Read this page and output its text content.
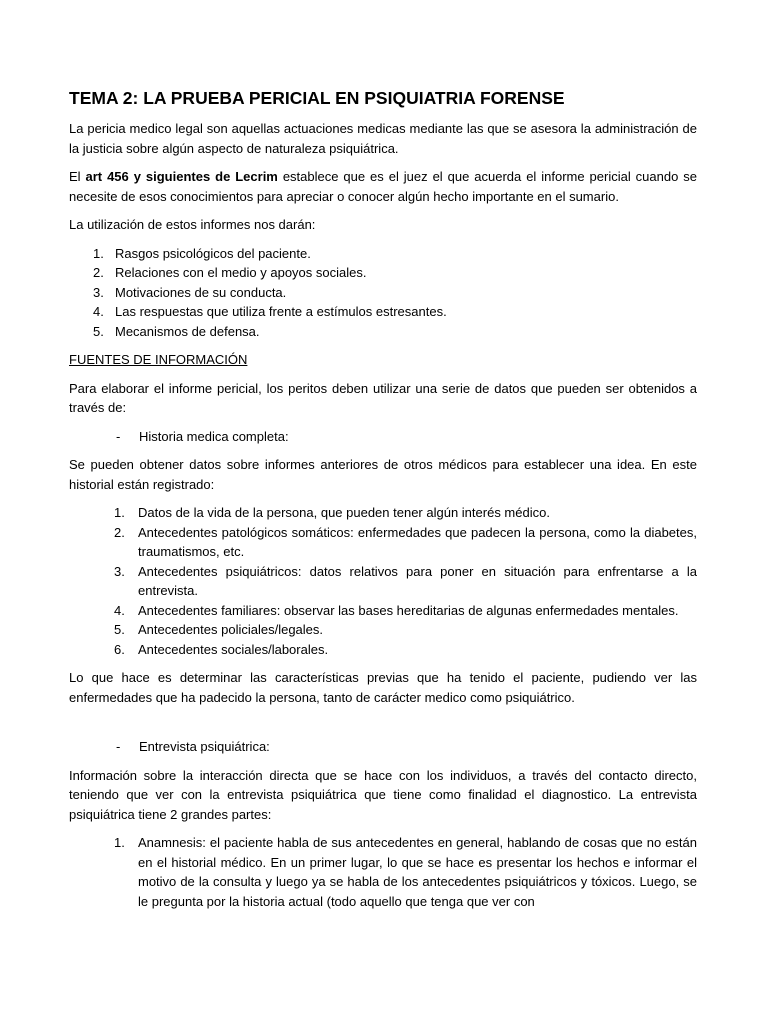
TEMA 2: LA PRUEBA PERICIAL EN PSIQUIATRIA FORENSE

La pericia medico legal son aquellas actuaciones medicas mediante las que se asesora la administración de la justicia sobre algún aspecto de naturaleza psiquiátrica.

El art 456 y siguientes de Lecrim establece que es el juez el que acuerda el informe pericial cuando se necesite de esos conocimientos para apreciar o conocer algún hecho importante en el sumario.

La utilización de estos informes nos darán:

1. Rasgos psicológicos del paciente.
2. Relaciones con el medio y apoyos sociales.
3. Motivaciones de su conducta.
4. Las respuestas que utiliza frente a estímulos estresantes.
5. Mecanismos de defensa.
FUENTES DE INFORMACIÓN

Para elaborar el informe pericial, los peritos deben utilizar una serie de datos que pueden ser obtenidos a través de:

- Historia medica completa:

Se pueden obtener datos sobre informes anteriores de otros médicos para establecer una idea. En este historial están registrado:

1. Datos de la vida de la persona, que pueden tener algún interés médico.
2. Antecedentes patológicos somáticos: enfermedades que padecen la persona, como la diabetes, traumatismos, etc.
3. Antecedentes psiquiátricos: datos relativos para poner en situación para enfrentarse a la entrevista.
4. Antecedentes familiares: observar las bases hereditarias de algunas enfermedades mentales.
5. Antecedentes policiales/legales.
6. Antecedentes sociales/laborales.

Lo que hace es determinar las características previas que ha tenido el paciente, pudiendo ver las enfermedades que ha padecido la persona, tanto de carácter medico como psiquiátrico.

- Entrevista psiquiátrica:

Información sobre la interacción directa que se hace con los individuos, a través del contacto directo, teniendo que ver con la entrevista psiquiátrica que tiene como finalidad el diagnostico. La entrevista psiquiátrica tiene 2 grandes partes:

1. Anamnesis: el paciente habla de sus antecedentes en general, hablando de cosas que no están en el historial médico. En un primer lugar, lo que se hace es presentar los hechos e informar el motivo de la consulta y luego ya se habla de los antecedentes psiquiátricos y tóxicos. Luego, se le pregunta por la historia actual (todo aquello que tenga que ver con
